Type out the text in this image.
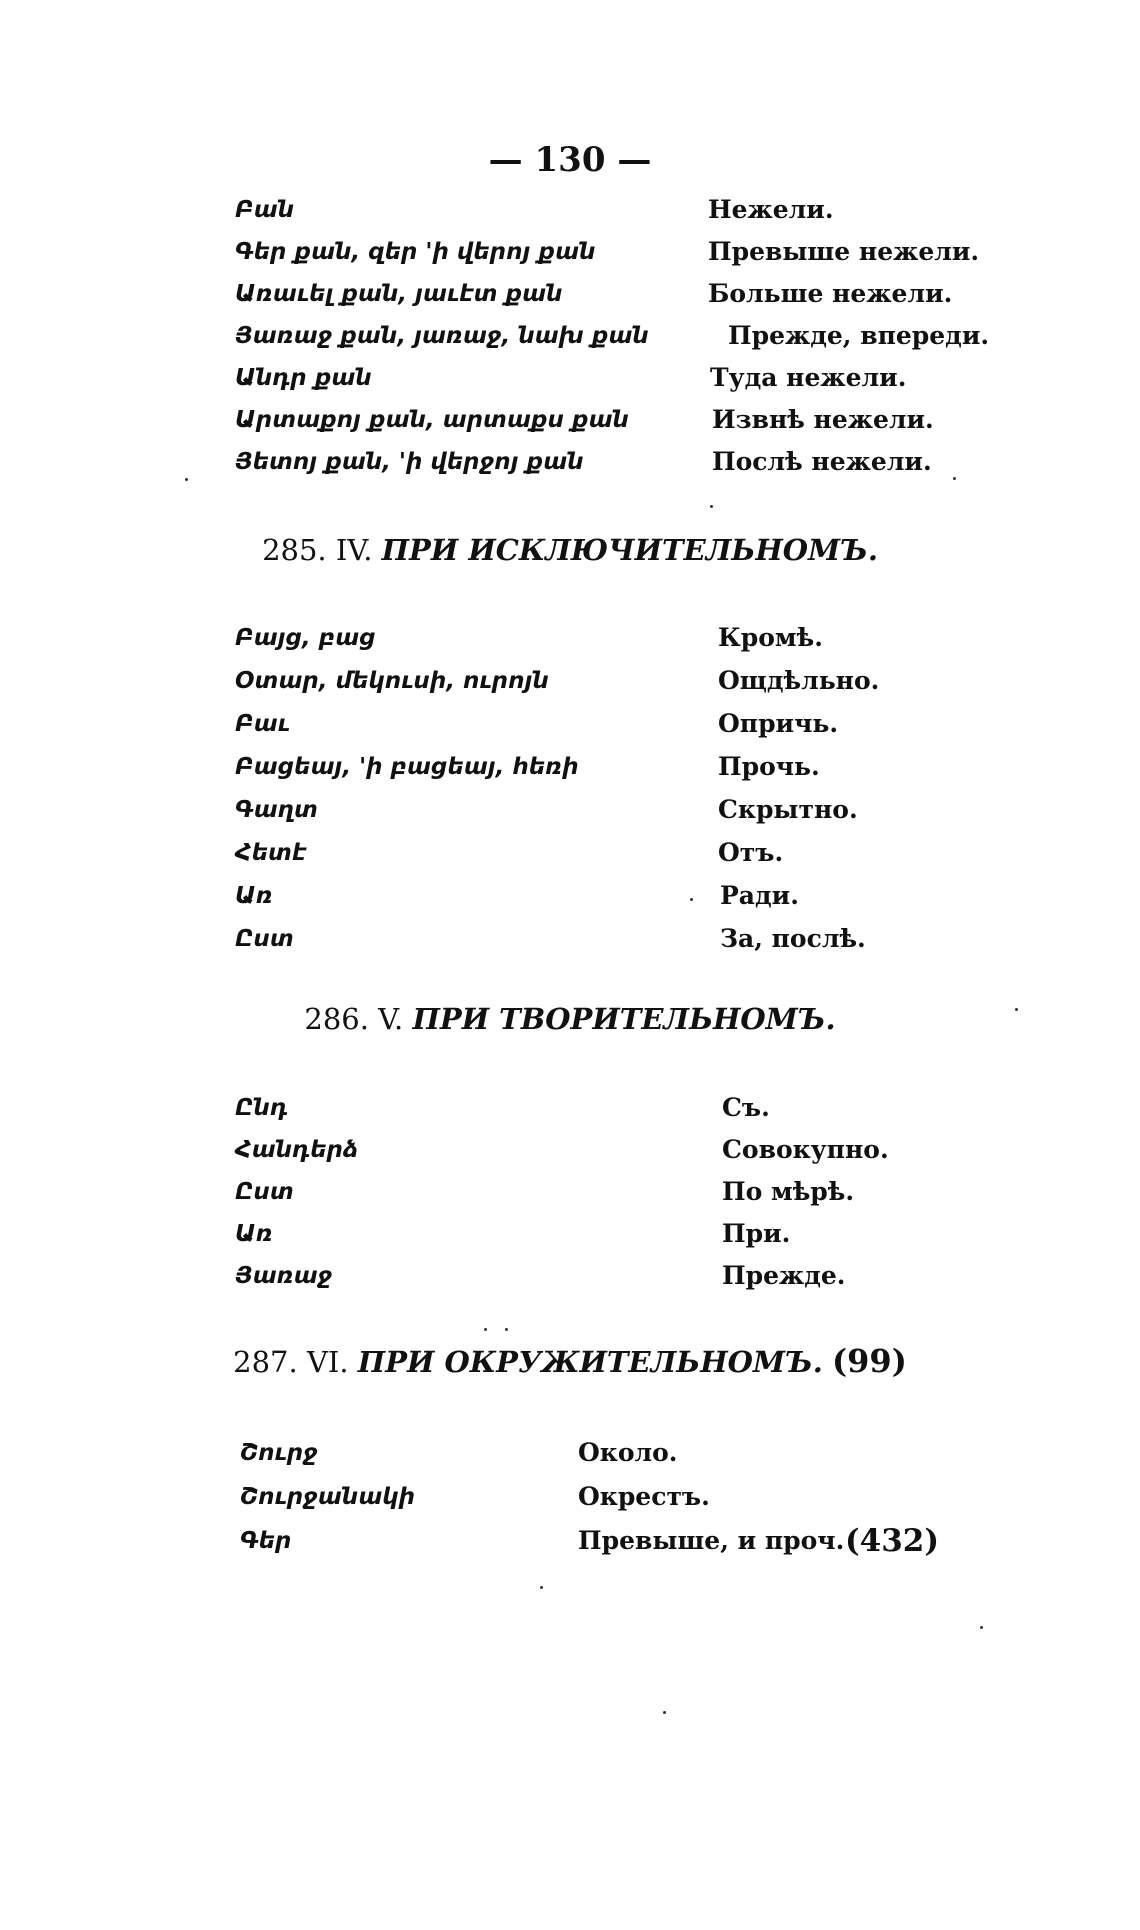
— 130 —
Բան	Нежели.
Գեր քան, զեր 'ի վերոյ քան	Превыше нежели.
Առաւել քան, յաւէտ քան	Больше нежели.
Յառաջ քան, յառաջ, նախ քան	Прежде, впереди.
Անդր քան	Туда нежели.
Արտաքոյ քան, արտաքս քան	Извнѣ нежели.
Յետոյ քան, 'ի վերջոյ քան	Послѣ нежели.
285. IV. ПРИ ИСКЛЮЧИТЕЛЬНОМЪ.
Բայց, բաց	Кромѣ.
Օտար, մեկուսի, ուրոյն	Ощдѣльно.
Բաւ	Опричь.
Բացեայ, 'ի բացեայ, հեռի	Прочь.
Գաղտ	Скрытно.
Հետէ	Отъ.
Առ	Ради.
Ըստ	За, послѣ.
286. V. ПРИ ТВОРИТЕЛЬНОМЪ.
Ընդ	Съ.
Հանդերձ	Совокупно.
Ըստ	По мѣрѣ.
Առ	При.
Յառաջ	Прежде.
287. VI. ПРИ ОКРУЖИТЕЛЬНОМЪ. (99)
Շուրջ	Около.
Շուրջանակի	Окрестъ.
Գեր	Превыше, и проч. (432)
